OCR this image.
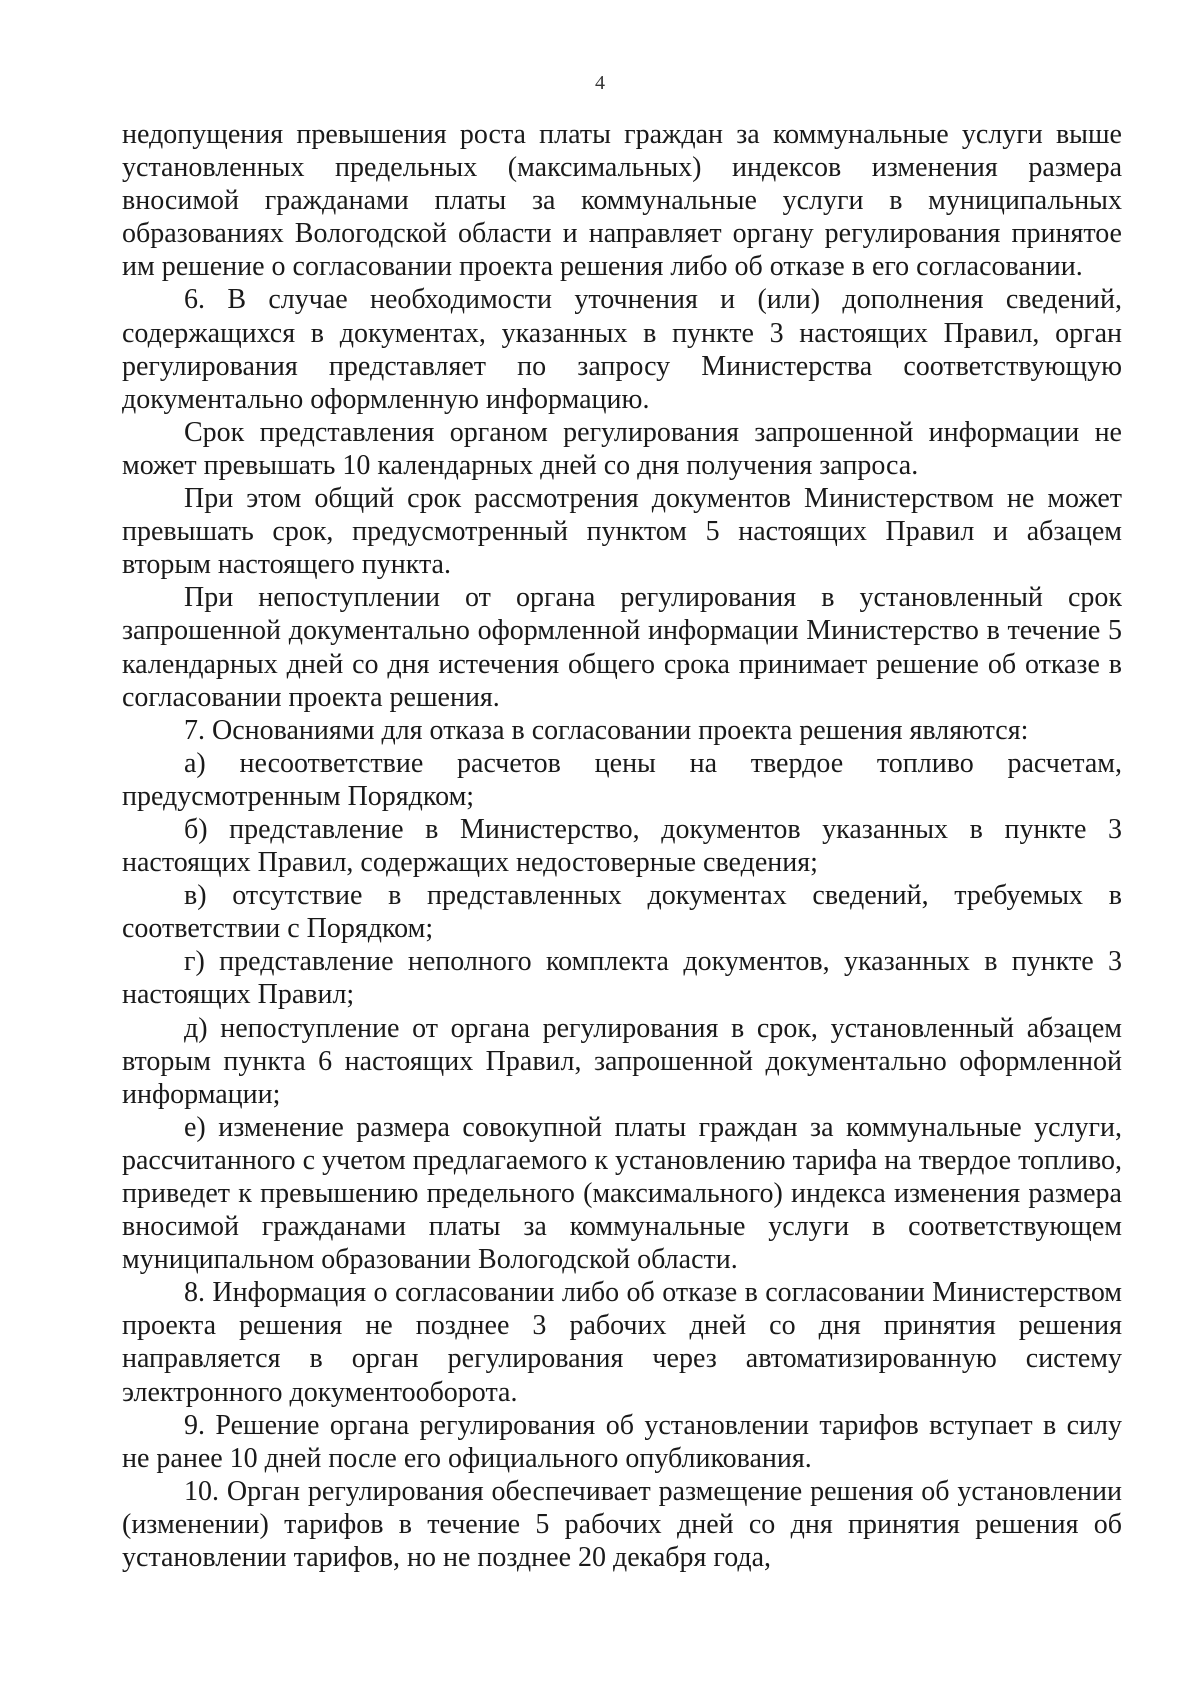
4

недопущения превышения роста платы граждан за коммунальные услуги выше установленных предельных (максимальных) индексов изменения размера вносимой гражданами платы за коммунальные услуги в муниципальных образованиях Вологодской области и направляет органу регулирования принятое им решение о согласовании проекта решения либо об отказе в его согласовании.

6. В случае необходимости уточнения и (или) дополнения сведений, содержащихся в документах, указанных в пункте 3 настоящих Правил, орган регулирования представляет по запросу Министерства соответствующую документально оформленную информацию.

Срок представления органом регулирования запрошенной информации не может превышать 10 календарных дней со дня получения запроса.

При этом общий срок рассмотрения документов Министерством не может превышать срок, предусмотренный пунктом 5 настоящих Правил и абзацем вторым настоящего пункта.

При непоступлении от органа регулирования в установленный срок запрошенной документально оформленной информации Министерство в течение 5 календарных дней со дня истечения общего срока принимает решение об отказе в согласовании проекта решения.

7. Основаниями для отказа в согласовании проекта решения являются:

а) несоответствие расчетов цены на твердое топливо расчетам, предусмотренным Порядком;

б) представление в Министерство, документов указанных в пункте 3 настоящих Правил, содержащих недостоверные сведения;

в) отсутствие в представленных документах сведений, требуемых в соответствии с Порядком;

г) представление неполного комплекта документов, указанных в пункте 3 настоящих Правил;

д) непоступление от органа регулирования в срок, установленный абзацем вторым пункта 6 настоящих Правил, запрошенной документально оформленной информации;

е) изменение размера совокупной платы граждан за коммунальные услуги, рассчитанного с учетом предлагаемого к установлению тарифа на твердое топливо, приведет к превышению предельного (максимального) индекса изменения размера вносимой гражданами платы за коммунальные услуги в соответствующем муниципальном образовании Вологодской области.

8. Информация о согласовании либо об отказе в согласовании Министерством проекта решения не позднее 3 рабочих дней со дня принятия решения направляется в орган регулирования через автоматизированную систему электронного документооборота.

9. Решение органа регулирования об установлении тарифов вступает в силу не ранее 10 дней после его официального опубликования.

10. Орган регулирования обеспечивает размещение решения об установлении (изменении) тарифов в течение 5 рабочих дней со дня принятия решения об установлении тарифов, но не позднее 20 декабря года,
